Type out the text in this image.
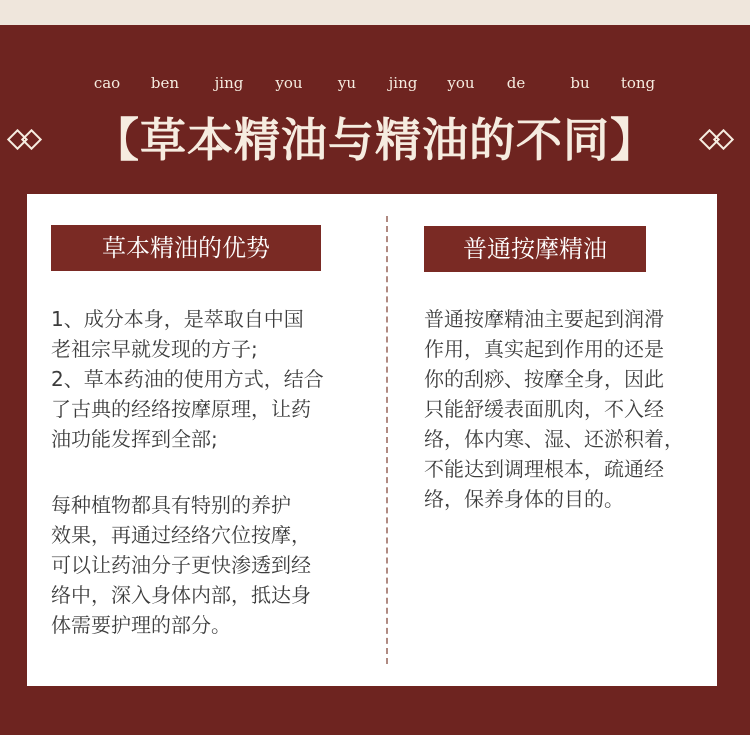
cao ben jing you yu jing you de	bu tong
【草本精油与精油的不同】
草本精油的优势
1、成分本身，是萃取自中国
老祖宗早就发现的方子;
2、草本药油的使用方式，结合
了古典的经络按摩原理，让药
油功能发挥到全部;
每种植物都具有特别的养护
效果，再通过经络穴位按摩，
可以让药油分子更快渗透到经
络中，深入身体内部，抵达身
体需要护理的部分。
普通按摩精油
普通按摩精油主要起到润滑
作用，真实起到作用的还是
你的刮痧、按摩全身，因此
只能舒缓表面肌肉，不入经
络，体内寒、湿、还淤积着，
不能达到调理根本，疏通经
络，保养身体的目的。
